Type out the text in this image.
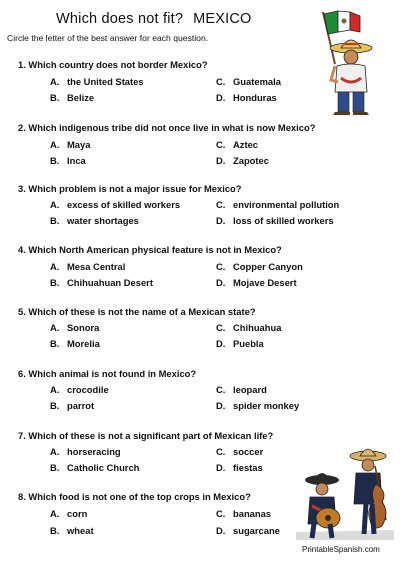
Which does not fit? MEXICO
Circle the letter of the best answer for each question.
1. Which country does not border Mexico?
A. the United States	C. Guatemala
B. Belize	D. Honduras
2. Which indigenous tribe did not once live in what is now Mexico?
A. Maya	C. Aztec
B. Inca	D. Zapotec
3. Which problem is not a major issue for Mexico?
A. excess of skilled workers	C. environmental pollution
B. water shortages	D. loss of skilled workers
4. Which North American physical feature is not in Mexico?
A. Mesa Central	C. Copper Canyon
B. Chihuahuan Desert	D. Mojave Desert
5. Which of these is not the name of a Mexican state?
A. Sonora	C. Chihuahua
B. Morelia	D. Puebla
6. Which animal is not found in Mexico?
A. crocodile	C. leopard
B. parrot	D. spider monkey
7. Which of these is not a significant part of Mexican life?
A. horseracing	C. soccer
B. Catholic Church	D. fiestas
8. Which food is not one of the top crops in Mexico?
A. corn	C. bananas
B. wheat	D. sugarcane
PrintableSpanish.com
